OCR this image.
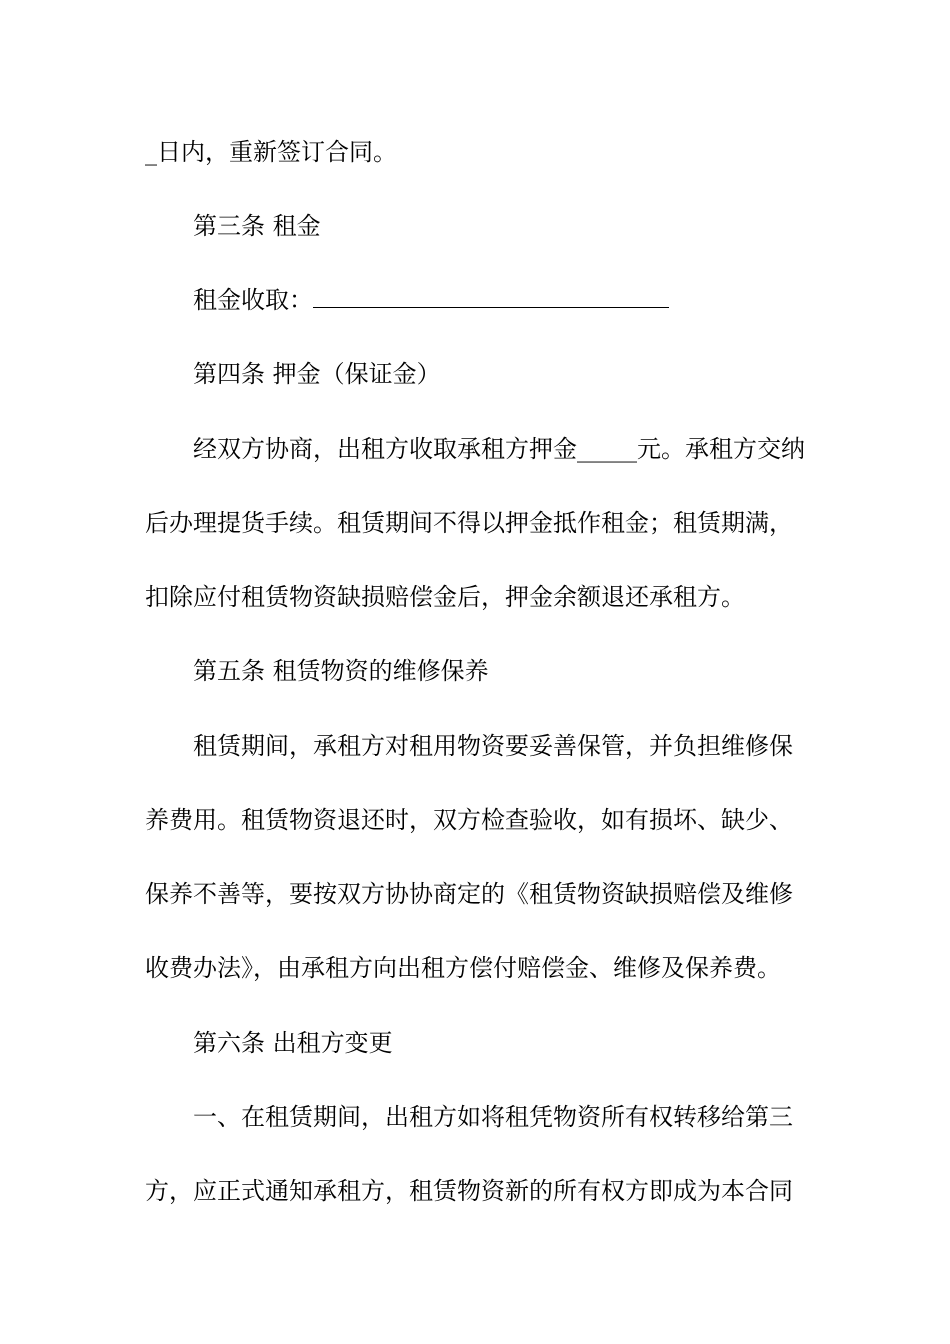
_日内，重新签订合同。
第三条 租金
租金收取：
第四条 押金（保证金）
经双方协商，出租方收取承租方押金_____元。承租方交纳
后办理提货手续。租赁期间不得以押金抵作租金；租赁期满，
扣除应付租赁物资缺损赔偿金后，押金余额退还承租方。
第五条 租赁物资的维修保养
租赁期间，承租方对租用物资要妥善保管，并负担维修保
养费用。租赁物资退还时，双方检查验收，如有损坏、缺少、
保养不善等，要按双方协协商定的《租赁物资缺损赔偿及维修
收费办法》，由承租方向出租方偿付赔偿金、维修及保养费。
第六条 出租方变更
一、在租赁期间，出租方如将租凭物资所有权转移给第三
方，应正式通知承租方，租赁物资新的所有权方即成为本合同
